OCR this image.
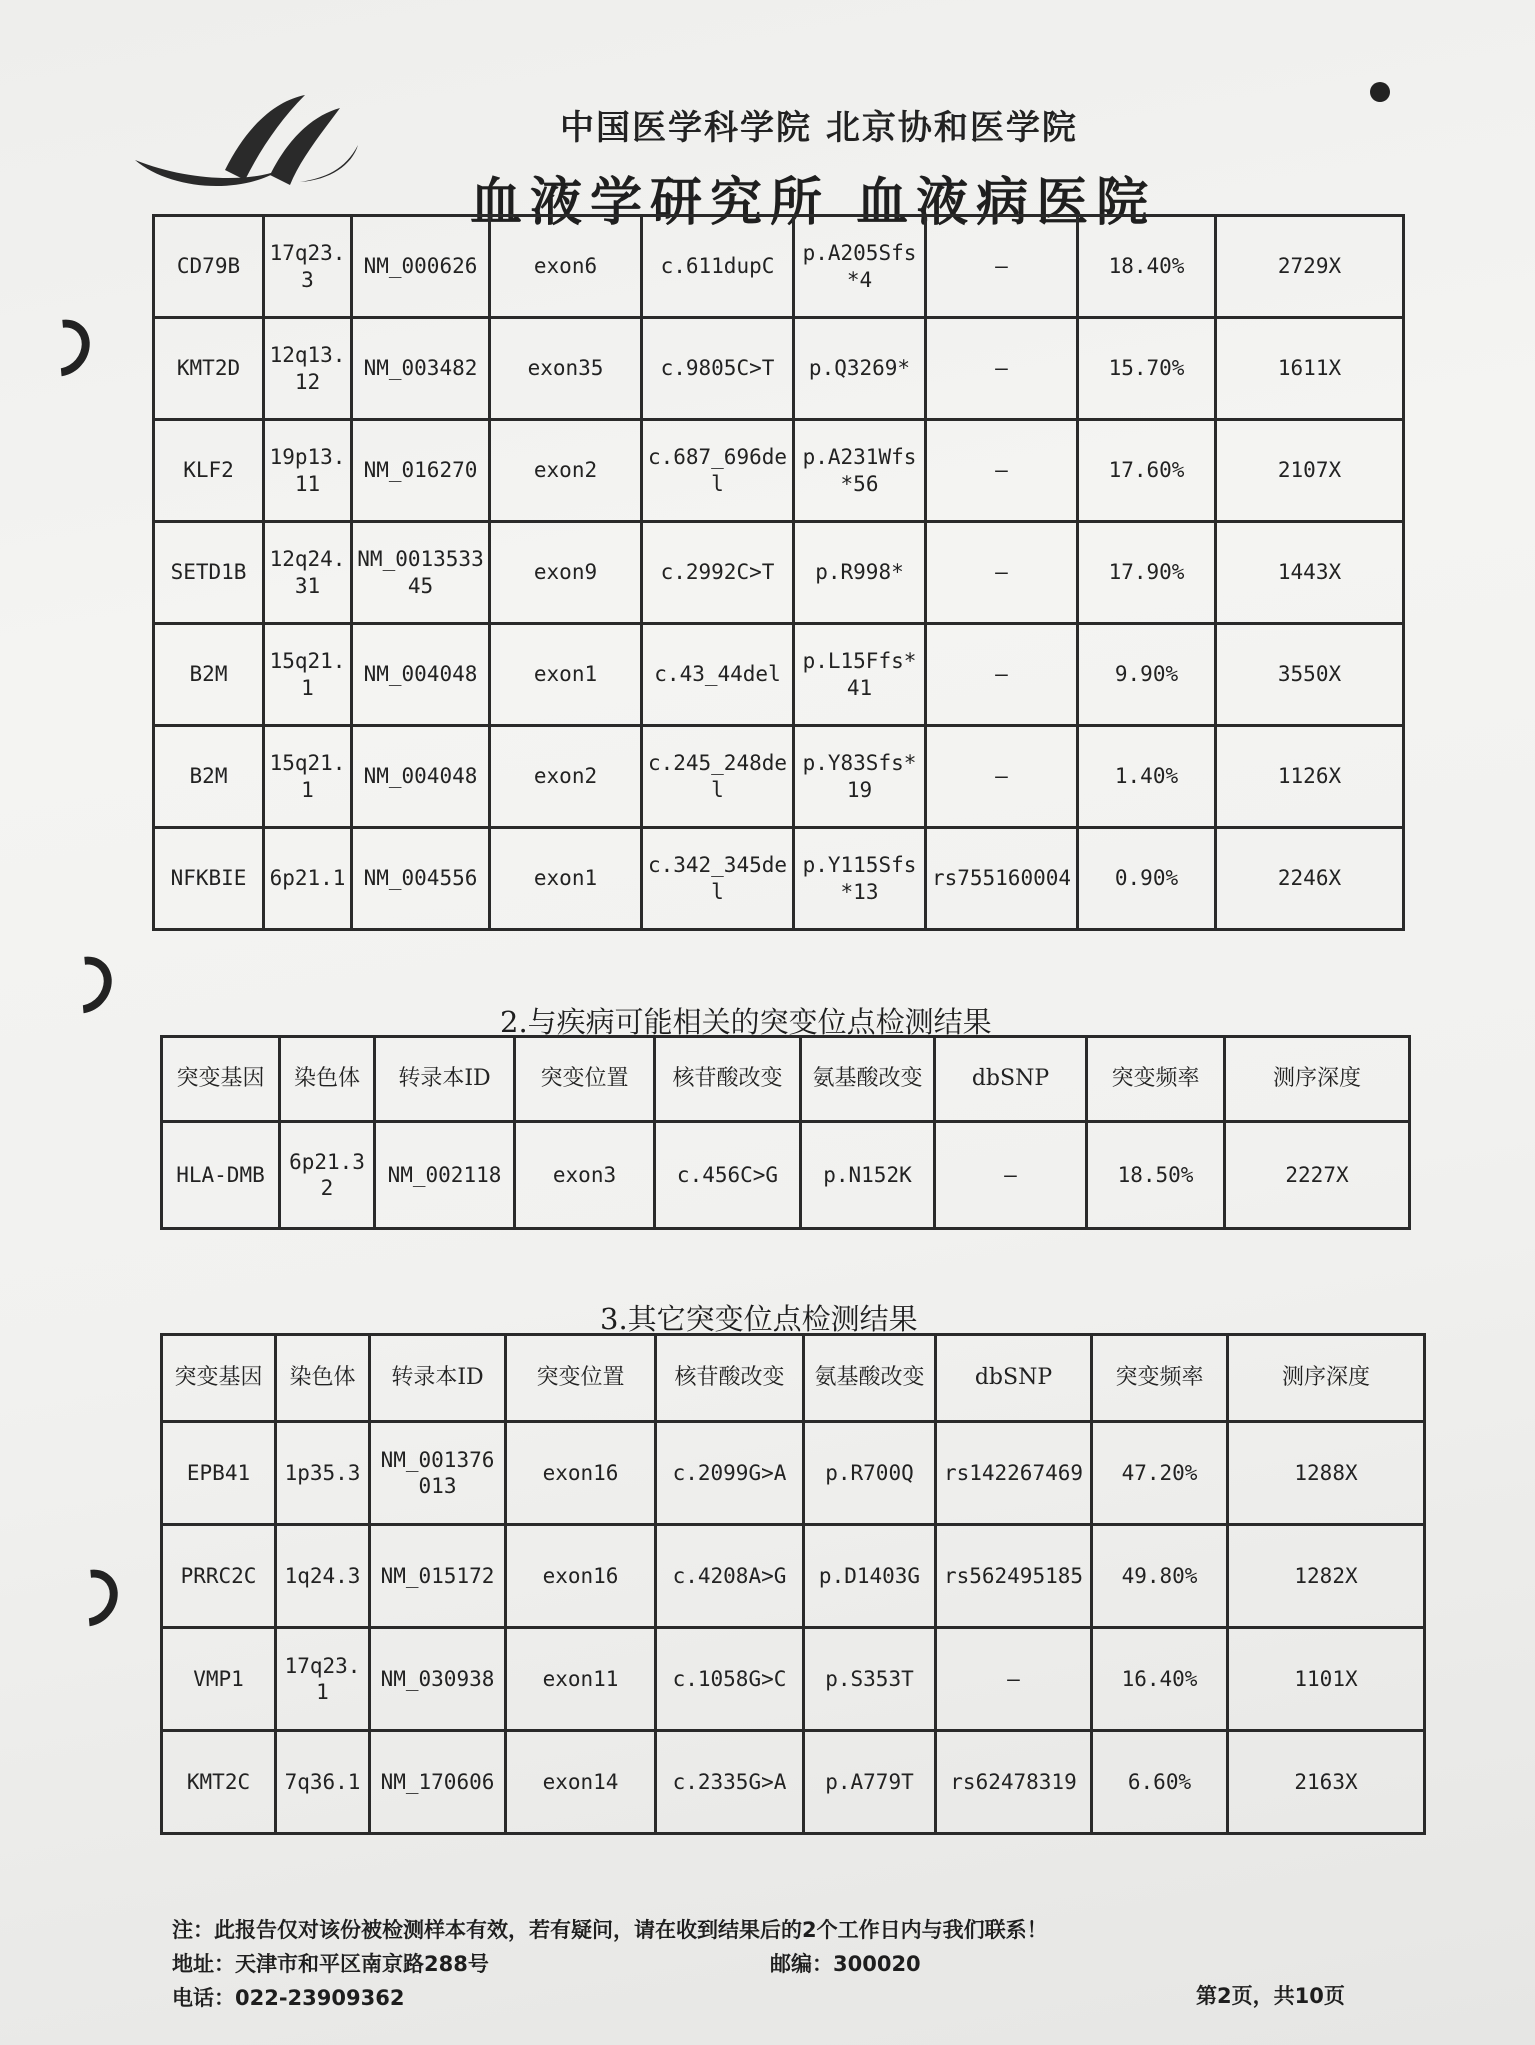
中国医学科学院 北京协和医学院
血液学研究所 血液病医院
CD79B	17q23.3	NM_000626	exon6	c.611dupC	p.A205Sfs*4	—	18.40%	2729X
KMT2D	12q13.12	NM_003482	exon35	c.9805C>T	p.Q3269*	—	15.70%	1611X
KLF2	19p13.11	NM_016270	exon2	c.687_696del	p.A231Wfs*56	—	17.60%	2107X
SETD1B	12q24.31	NM_001353345	exon9	c.2992C>T	p.R998*	—	17.90%	1443X
B2M	15q21.1	NM_004048	exon1	c.43_44del	p.L15Ffs*41	—	9.90%	3550X
B2M	15q21.1	NM_004048	exon2	c.245_248del	p.Y83Sfs*19	—	1.40%	1126X
NFKBIE	6p21.1	NM_004556	exon1	c.342_345del	p.Y115Sfs*13	rs755160004	0.90%	2246X
2.与疾病可能相关的突变位点检测结果
突变基因	染色体	转录本ID	突变位置	核苷酸改变	氨基酸改变	dbSNP	突变频率	测序深度
HLA-DMB	6p21.32	NM_002118	exon3	c.456C>G	p.N152K	—	18.50%	2227X
3.其它突变位点检测结果
突变基因	染色体	转录本ID	突变位置	核苷酸改变	氨基酸改变	dbSNP	突变频率	测序深度
EPB41	1p35.3	NM_001376013	exon16	c.2099G>A	p.R700Q	rs142267469	47.20%	1288X
PRRC2C	1q24.3	NM_015172	exon16	c.4208A>G	p.D1403G	rs562495185	49.80%	1282X
VMP1	17q23.1	NM_030938	exon11	c.1058G>C	p.S353T	—	16.40%	1101X
KMT2C	7q36.1	NM_170606	exon14	c.2335G>A	p.A779T	rs62478319	6.60%	2163X
注：此报告仅对该份被检测样本有效，若有疑问，请在收到结果后的2个工作日内与我们联系！
地址：天津市和平区南京路288号	邮编：300020
电话：022-23909362	第2页，共10页
